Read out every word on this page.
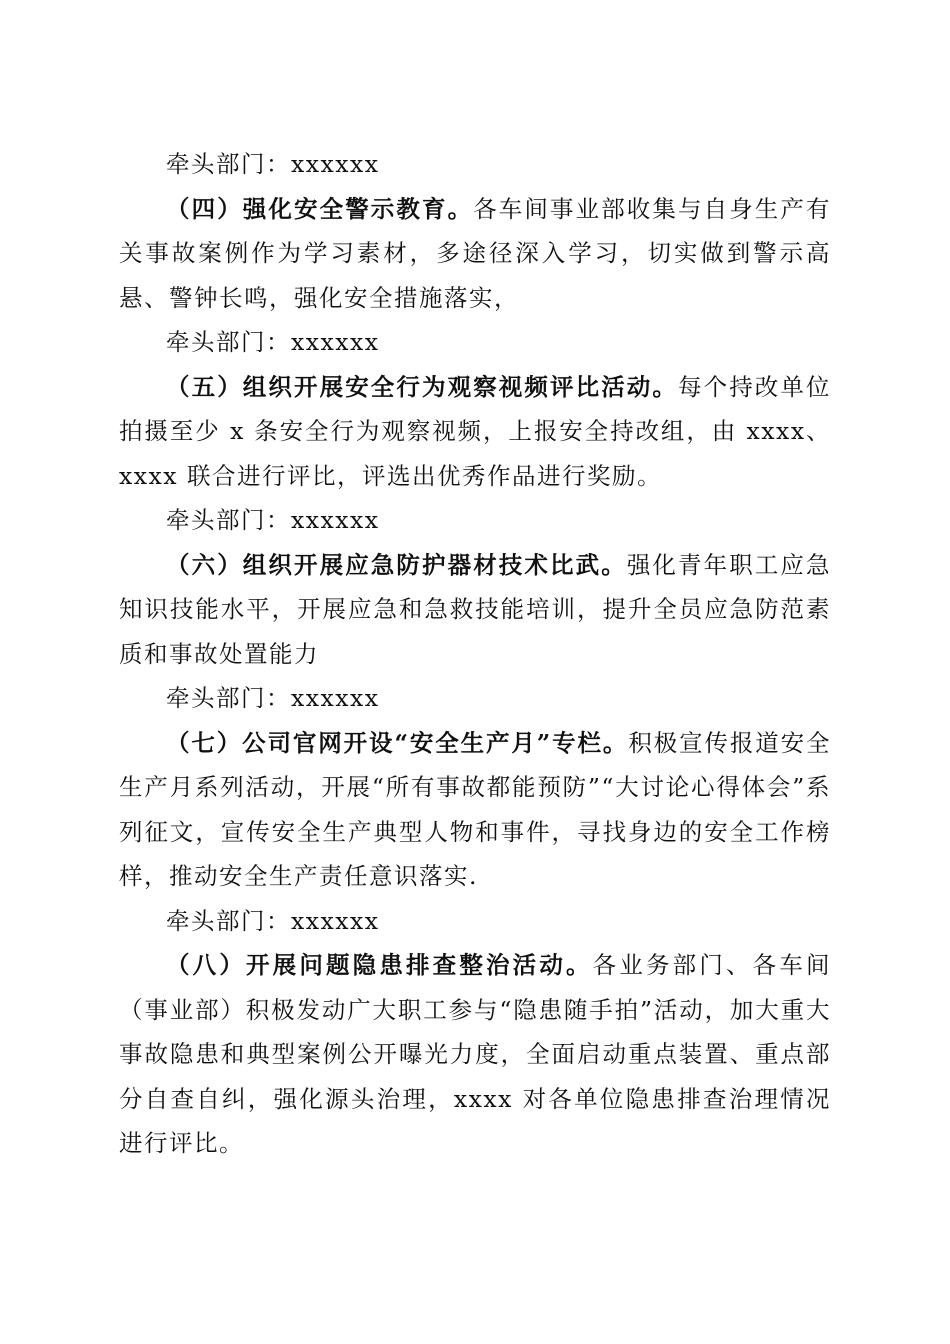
牵头部门：xxxxxx

（四）强化安全警示教育。各车间事业部收集与自身生产有关事故案例作为学习素材，多途径深入学习，切实做到警示高悬、警钟长鸣，强化安全措施落实，

牵头部门：xxxxxx

（五）组织开展安全行为观察视频评比活动。每个持改单位拍摄至少 x 条安全行为观察视频，上报安全持改组，由 xxxx、xxxx 联合进行评比，评选出优秀作品进行奖励。

牵头部门：xxxxxx

（六）组织开展应急防护器材技术比武。强化青年职工应急知识技能水平，开展应急和急救技能培训，提升全员应急防范素质和事故处置能力

牵头部门：xxxxxx

（七）公司官网开设“安全生产月”专栏。积极宣传报道安全生产月系列活动，开展“所有事故都能预防”“大讨论心得体会”系列征文，宣传安全生产典型人物和事件，寻找身边的安全工作榜样，推动安全生产责任意识落实.

牵头部门：xxxxxx

（八）开展问题隐患排查整治活动。各业务部门、各车间（事业部）积极发动广大职工参与“隐患随手拍”活动，加大重大事故隐患和典型案例公开曝光力度，全面启动重点装置、重点部分自查自纠，强化源头治理，xxxx 对各单位隐患排查治理情况进行评比。
